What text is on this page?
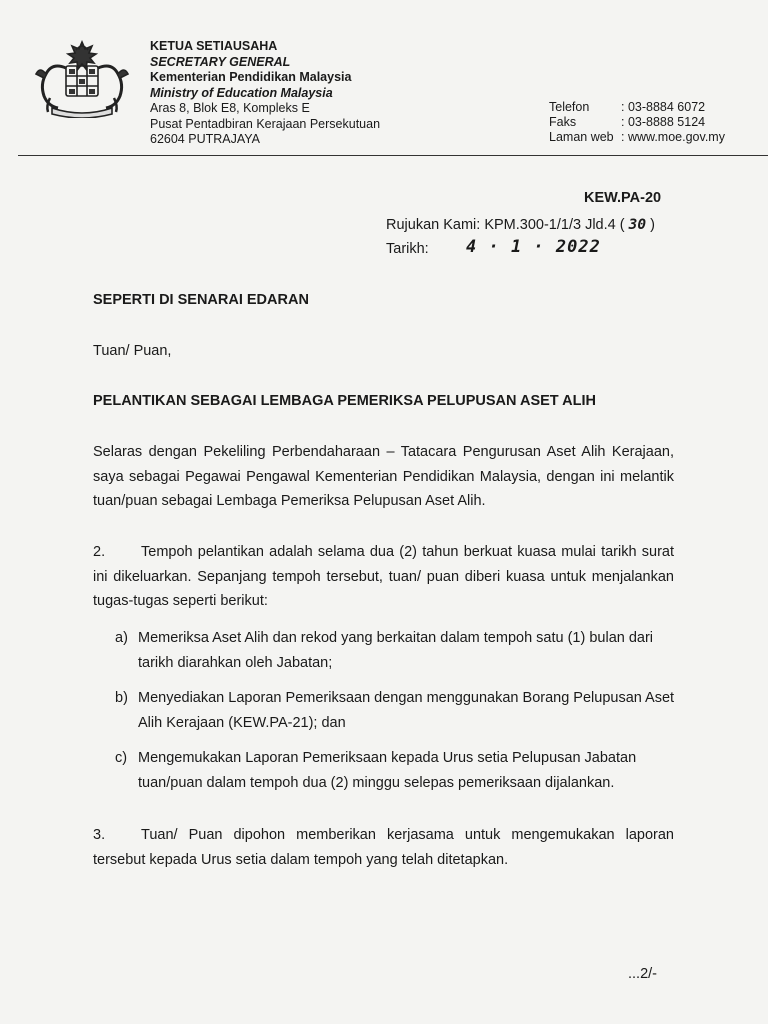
KETUA SETIAUSAHA
SECRETARY GENERAL
Kementerian Pendidikan Malaysia
Ministry of Education Malaysia
Aras 8, Blok E8, Kompleks E
Pusat Pentadbiran Kerajaan Persekutuan
62604 PUTRAJAYA
Telefon	: 03-8884 6072
Faks	: 03-8888 5124
Laman web : www.moe.gov.my
KEW.PA-20
Rujukan Kami: KPM.300-1/1/3 Jld.4 ( 30 )
Tarikh: 4 · 1 · 2022
SEPERTI DI SENARAI EDARAN
Tuan/ Puan,
PELANTIKAN SEBAGAI LEMBAGA PEMERIKSA PELUPUSAN ASET ALIH
Selaras dengan Pekeliling Perbendaharaan – Tatacara Pengurusan Aset Alih Kerajaan, saya sebagai Pegawai Pengawal Kementerian Pendidikan Malaysia, dengan ini melantik tuan/puan sebagai Lembaga Pemeriksa Pelupusan Aset Alih.
2. Tempoh pelantikan adalah selama dua (2) tahun berkuat kuasa mulai tarikh surat ini dikeluarkan. Sepanjang tempoh tersebut, tuan/ puan diberi kuasa untuk menjalankan tugas-tugas seperti berikut:
a) Memeriksa Aset Alih dan rekod yang berkaitan dalam tempoh satu (1) bulan dari tarikh diarahkan oleh Jabatan;
b) Menyediakan Laporan Pemeriksaan dengan menggunakan Borang Pelupusan Aset Alih Kerajaan (KEW.PA-21); dan
c) Mengemukakan Laporan Pemeriksaan kepada Urus setia Pelupusan Jabatan tuan/puan dalam tempoh dua (2) minggu selepas pemeriksaan dijalankan.
3. Tuan/ Puan dipohon memberikan kerjasama untuk mengemukakan laporan tersebut kepada Urus setia dalam tempoh yang telah ditetapkan.
...2/-
